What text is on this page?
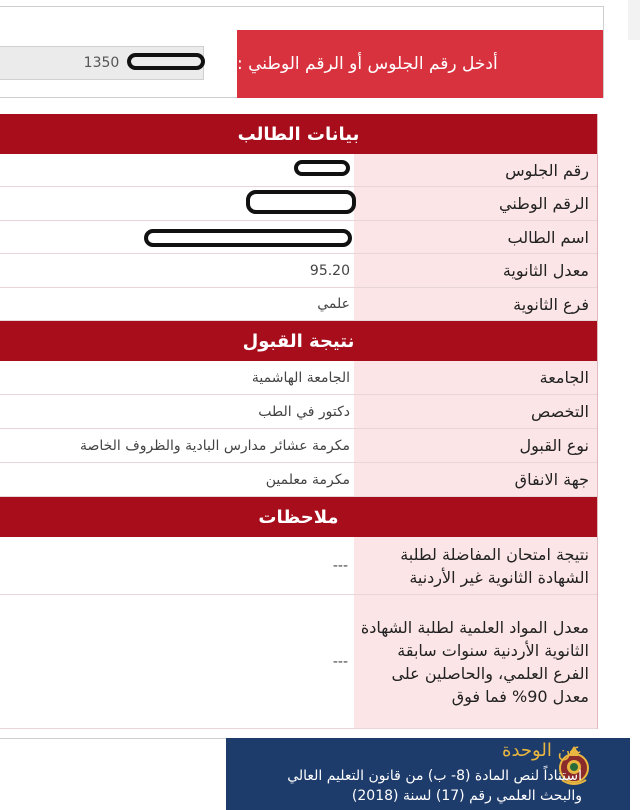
أدخل رقم الجلوس أو الرقم الوطني :
1350
بيانات الطالب
رقم الجلوس
الرقم الوطني
اسم الطالب
معدل الثانوية
95.20
فرع الثانوية
علمي
نتيجة القبول
الجامعة
الجامعة الهاشمية
التخصص
دكتور في الطب
نوع القبول
مكرمة عشائر مدارس البادية والظروف الخاصة
جهة الانفاق
مكرمة معلمين
ملاحظات
نتيجة امتحان المفاضلة لطلبة الشهادة الثانوية غير الأردنية
---
معدل المواد العلمية لطلبة الشهادة الثانوية الأردنية سنوات سابقة الفرع العلمي، والحاصلين على معدل 90% فما فوق
---
عن الوحدة
استناداً لنص المادة (8- ب) من قانون التعليم العالي والبحث العلمي رقم (17) لسنة (2018)
